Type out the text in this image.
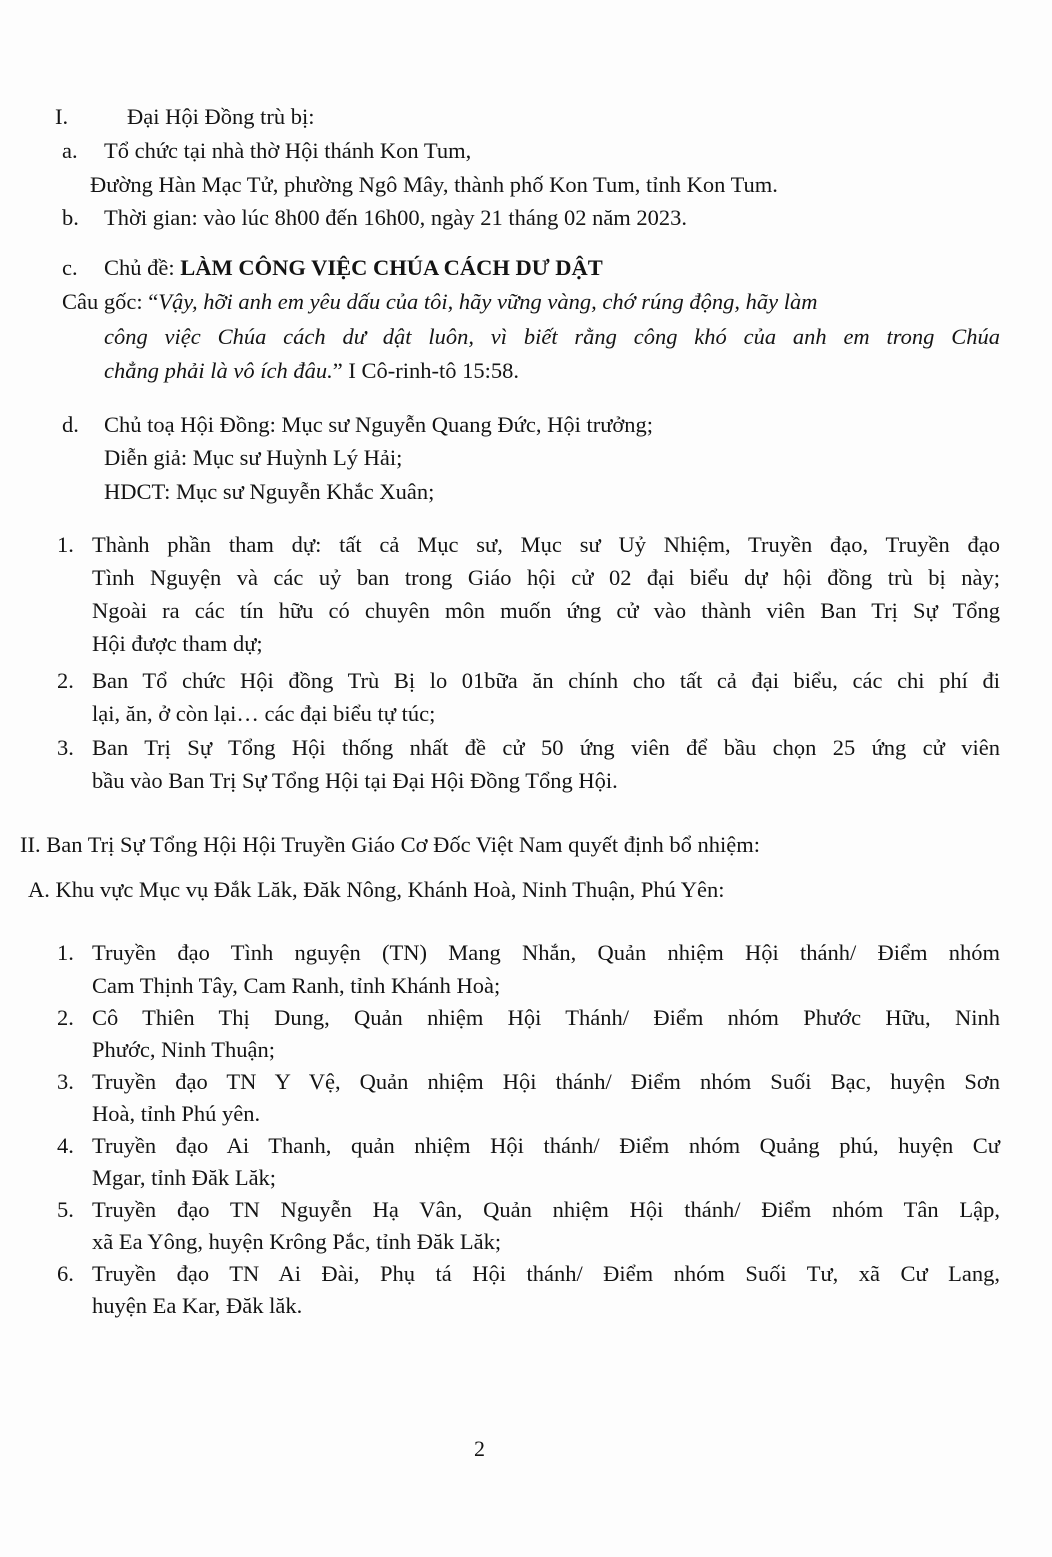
I.	Đại Hội Đồng trù bị:
a. Tổ chức tại nhà thờ Hội thánh Kon Tum,
Đường Hàn Mạc Tử, phường Ngô Mây, thành phố Kon Tum, tỉnh Kon Tum.
b. Thời gian: vào lúc 8h00 đến 16h00, ngày 21 tháng 02 năm 2023.
c. Chủ đề: LÀM CÔNG VIỆC CHÚA CÁCH DƯ DẬT
Câu gốc: “Vậy, hỡi anh em yêu dấu của tôi, hãy vững vàng, chớ rúng động, hãy làm
công việc Chúa cách dư dật luôn, vì biết rằng công khó của anh em trong Chúa
chẳng phải là vô ích đâu.” I Cô-rinh-tô 15:58.
d. Chủ toạ Hội Đồng: Mục sư Nguyễn Quang Đức, Hội trưởng;
Diễn giả: Mục sư Huỳnh Lý Hải;
HDCT: Mục sư Nguyễn Khắc Xuân;
1. Thành phần tham dự: tất cả Mục sư, Mục sư Uỷ Nhiệm, Truyền đạo, Truyền đạo
Tình Nguyện và các uỷ ban trong Giáo hội cử 02 đại biểu dự hội đồng trù bị này;
Ngoài ra các tín hữu có chuyên môn muốn ứng cử vào thành viên Ban Trị Sự Tổng
Hội được tham dự;
2. Ban Tổ chức Hội đồng Trù Bị lo 01bữa ăn chính cho tất cả đại biểu, các chi phí đi
lại, ăn, ở còn lại… các đại biểu tự túc;
3. Ban Trị Sự Tổng Hội thống nhất đề cử 50 ứng viên để bầu chọn 25 ứng cử viên
bầu vào Ban Trị Sự Tổng Hội tại Đại Hội Đồng Tổng Hội.
II. Ban Trị Sự Tổng Hội Hội Truyền Giáo Cơ Đốc Việt Nam quyết định bổ nhiệm:
A. Khu vực Mục vụ Đắk Lăk, Đăk Nông, Khánh Hoà, Ninh Thuận, Phú Yên:
1. Truyền đạo Tình nguyện (TN) Mang Nhắn, Quản nhiệm Hội thánh/ Điểm nhóm
Cam Thịnh Tây, Cam Ranh, tỉnh Khánh Hoà;
2. Cô Thiên Thị Dung, Quản nhiệm Hội Thánh/ Điểm nhóm Phước Hữu, Ninh
Phước, Ninh Thuận;
3. Truyền đạo TN Y Vệ, Quản nhiệm Hội thánh/ Điểm nhóm Suối Bạc, huyện Sơn
Hoà, tỉnh Phú yên.
4. Truyền đạo Ai Thanh, quản nhiệm Hội thánh/ Điểm nhóm Quảng phú, huyện Cư
Mgar, tỉnh Đăk Lăk;
5. Truyền đạo TN Nguyễn Hạ Vân, Quản nhiệm Hội thánh/ Điểm nhóm Tân Lập,
xã Ea Yông, huyện Krông Pắc, tỉnh Đăk Lăk;
6. Truyền đạo TN Ai Đài, Phụ tá Hội thánh/ Điểm nhóm Suối Tư, xã Cư Lang,
huyện Ea Kar, Đăk lăk.
2
